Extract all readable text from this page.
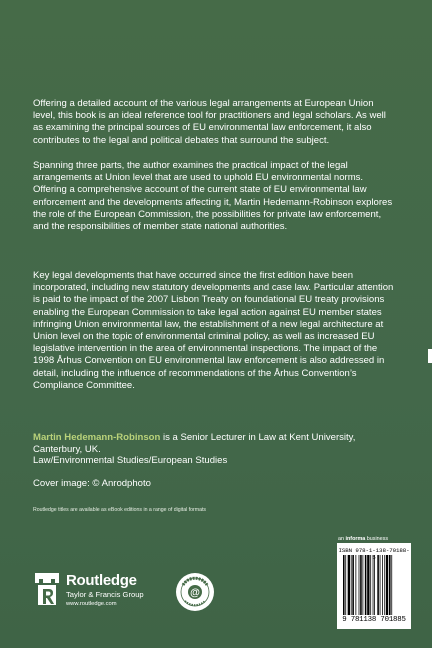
Offering a detailed account of the various legal arrangements at European Union level, this book is an ideal reference tool for practitioners and legal scholars. As well as examining the principal sources of EU environmental law enforcement, it also contributes to the legal and political debates that surround the subject.

Spanning three parts, the author examines the practical impact of the legal arrangements at Union level that are used to uphold EU environmental norms. Offering a comprehensive account of the current state of EU environmental law enforcement and the developments affecting it, Martin Hedemann-Robinson explores the role of the European Commission, the possibilities for private law enforcement, and the responsibilities of member state national authorities.

Key legal developments that have occurred since the first edition have been incorporated, including new statutory developments and case law. Particular attention is paid to the impact of the 2007 Lisbon Treaty on foundational EU treaty provisions enabling the European Commission to take legal action against EU member states infringing Union environmental law, the establishment of a new legal architecture at Union level on the topic of environmental criminal policy, as well as increased EU legislative intervention in the area of environmental inspections. The impact of the 1998 Århus Convention on EU environmental law enforcement is also addressed in detail, including the influence of recommendations of the Århus Convention’s Compliance Committee.

Martin Hedemann-Robinson is a Senior Lecturer in Law at Kent University, Canterbury, UK.

Law/Environmental Studies/European Studies

Cover image: © Anrodphoto

Routledge titles are available as eBook editions in a range of digital formats

an informa business
ISBN 978-1-138-70188-5
9 781138 701885
Routledge
Taylor & Francis Group
www.routledge.com
@
